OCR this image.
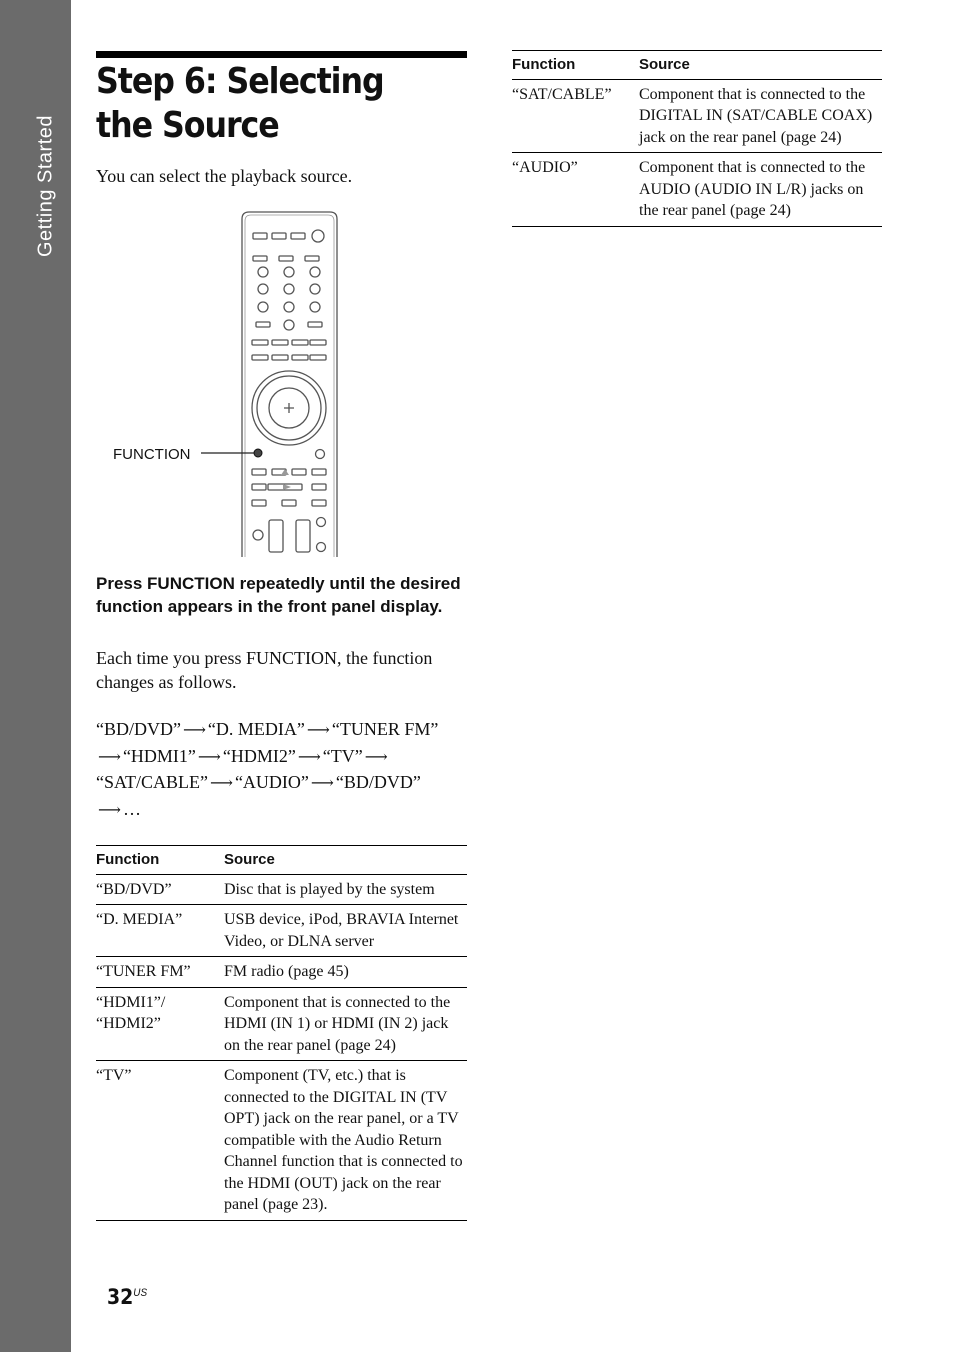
Getting Started
Step 6: Selecting the Source
You can select the playback source.
FUNCTION
Press FUNCTION repeatedly until the desired function appears in the front panel display.
Each time you press FUNCTION, the function changes as follows.
“BD/DVD” ⟶ “D. MEDIA” ⟶ “TUNER FM”
⟶ “HDMI1” ⟶ “HDMI2” ⟶ “TV” ⟶
“SAT/CABLE” ⟶ “AUDIO” ⟶ “BD/DVD”
⟶ …
Function	Source
“BD/DVD”	Disc that is played by the system
“D. MEDIA”	USB device, iPod, BRAVIA Internet Video, or DLNA server
“TUNER FM”	FM radio (page 45)
“HDMI1”/ “HDMI2”	Component that is connected to the HDMI (IN 1) or HDMI (IN 2) jack on the rear panel (page 24)
“TV”	Component (TV, etc.) that is connected to the DIGITAL IN (TV OPT) jack on the rear panel, or a TV compatible with the Audio Return Channel function that is connected to the HDMI (OUT) jack on the rear panel (page 23).
Function	Source
“SAT/CABLE”	Component that is connected to the DIGITAL IN (SAT/CABLE COAX) jack on the rear panel (page 24)
“AUDIO”	Component that is connected to the AUDIO (AUDIO IN L/R) jacks on the rear panel (page 24)
$32^{US}$
